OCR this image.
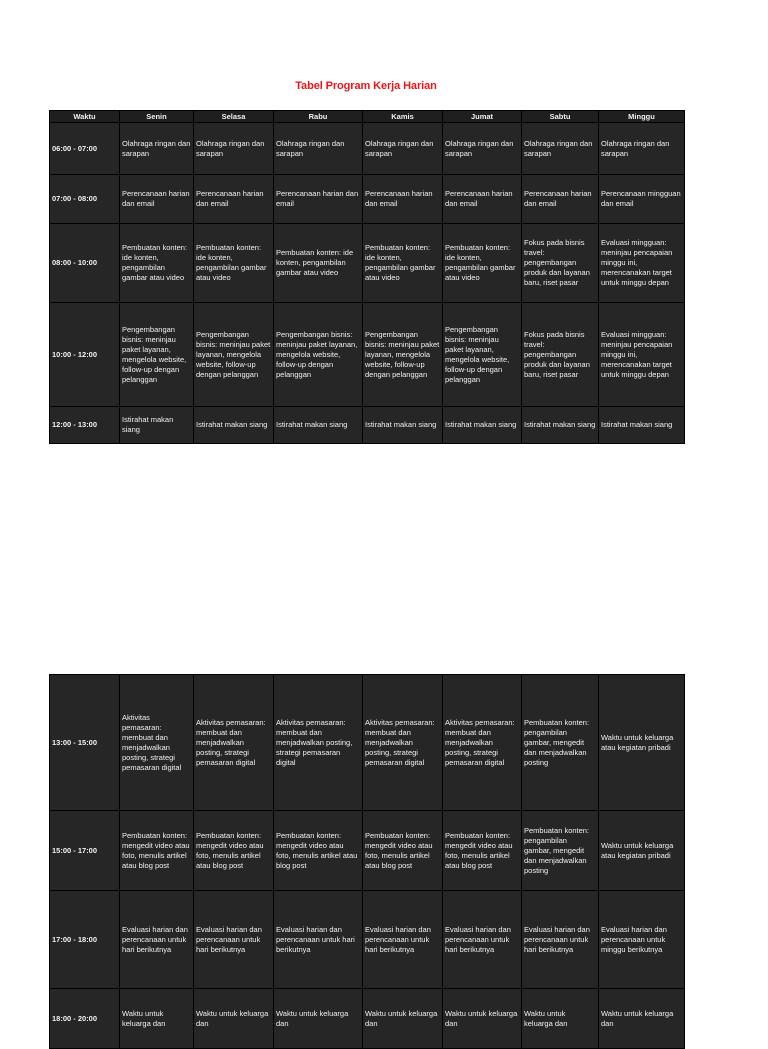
Tabel Program Kerja Harian
Waktu	Senin	Selasa	Rabu	Kamis	Jumat	Sabtu	Minggu
06:00 - 07:00	Olahraga ringan dan sarapan	Olahraga ringan dan sarapan	Olahraga ringan dan sarapan	Olahraga ringan dan sarapan	Olahraga ringan dan sarapan	Olahraga ringan dan sarapan	Olahraga ringan dan sarapan
07:00 - 08:00	Perencanaan harian dan email	Perencanaan harian dan email	Perencanaan harian dan email	Perencanaan harian dan email	Perencanaan harian dan email	Perencanaan harian dan email	Perencanaan mingguan dan email
08:00 - 10:00	Pembuatan konten: ide konten, pengambilan gambar atau video	Pembuatan konten: ide konten, pengambilan gambar atau video	Pembuatan konten: ide konten, pengambilan gambar atau video	Pembuatan konten: ide konten, pengambilan gambar atau video	Pembuatan konten: ide konten, pengambilan gambar atau video	Fokus pada bisnis travel: pengembangan produk dan layanan baru, riset pasar	Evaluasi mingguan: meninjau pencapaian minggu ini, merencanakan target untuk minggu depan
10:00 - 12:00	Pengembangan bisnis: meninjau paket layanan, mengelola website, follow-up dengan pelanggan	Pengembangan bisnis: meninjau paket layanan, mengelola website, follow-up dengan pelanggan	Pengembangan bisnis: meninjau paket layanan, mengelola website, follow-up dengan pelanggan	Pengembangan bisnis: meninjau paket layanan, mengelola website, follow-up dengan pelanggan	Pengembangan bisnis: meninjau paket layanan, mengelola website, follow-up dengan pelanggan	Fokus pada bisnis travel: pengembangan produk dan layanan baru, riset pasar	Evaluasi mingguan: meninjau pencapaian minggu ini, merencanakan target untuk minggu depan
12:00 - 13:00	Istirahat makan siang	Istirahat makan siang	Istirahat makan siang	Istirahat makan siang	Istirahat makan siang	Istirahat makan siang	Istirahat makan siang
13:00 - 15:00	Aktivitas pemasaran: membuat dan menjadwalkan posting, strategi pemasaran digital	Aktivitas pemasaran: membuat dan menjadwalkan posting, strategi pemasaran digital	Aktivitas pemasaran: membuat dan menjadwalkan posting, strategi pemasaran digital	Aktivitas pemasaran: membuat dan menjadwalkan posting, strategi pemasaran digital	Aktivitas pemasaran: membuat dan menjadwalkan posting, strategi pemasaran digital	Pembuatan konten: pengambilan gambar, mengedit dan menjadwalkan posting	Waktu untuk keluarga atau kegiatan pribadi
15:00 - 17:00	Pembuatan konten: mengedit video atau foto, menulis artikel atau blog post	Pembuatan konten: mengedit video atau foto, menulis artikel atau blog post	Pembuatan konten: mengedit video atau foto, menulis artikel atau blog post	Pembuatan konten: mengedit video atau foto, menulis artikel atau blog post	Pembuatan konten: mengedit video atau foto, menulis artikel atau blog post	Pembuatan konten: pengambilan gambar, mengedit dan menjadwalkan posting	Waktu untuk keluarga atau kegiatan pribadi
17:00 - 18:00	Evaluasi harian dan perencanaan untuk hari berikutnya	Evaluasi harian dan perencanaan untuk hari berikutnya	Evaluasi harian dan perencanaan untuk hari berikutnya	Evaluasi harian dan perencanaan untuk hari berikutnya	Evaluasi harian dan perencanaan untuk hari berikutnya	Evaluasi harian dan perencanaan untuk hari berikutnya	Evaluasi harian dan perencanaan untuk minggu berikutnya
18:00 - 20:00	Waktu untuk keluarga dan	Waktu untuk keluarga dan	Waktu untuk keluarga dan	Waktu untuk keluarga dan	Waktu untuk keluarga dan	Waktu untuk keluarga dan	Waktu untuk keluarga dan
